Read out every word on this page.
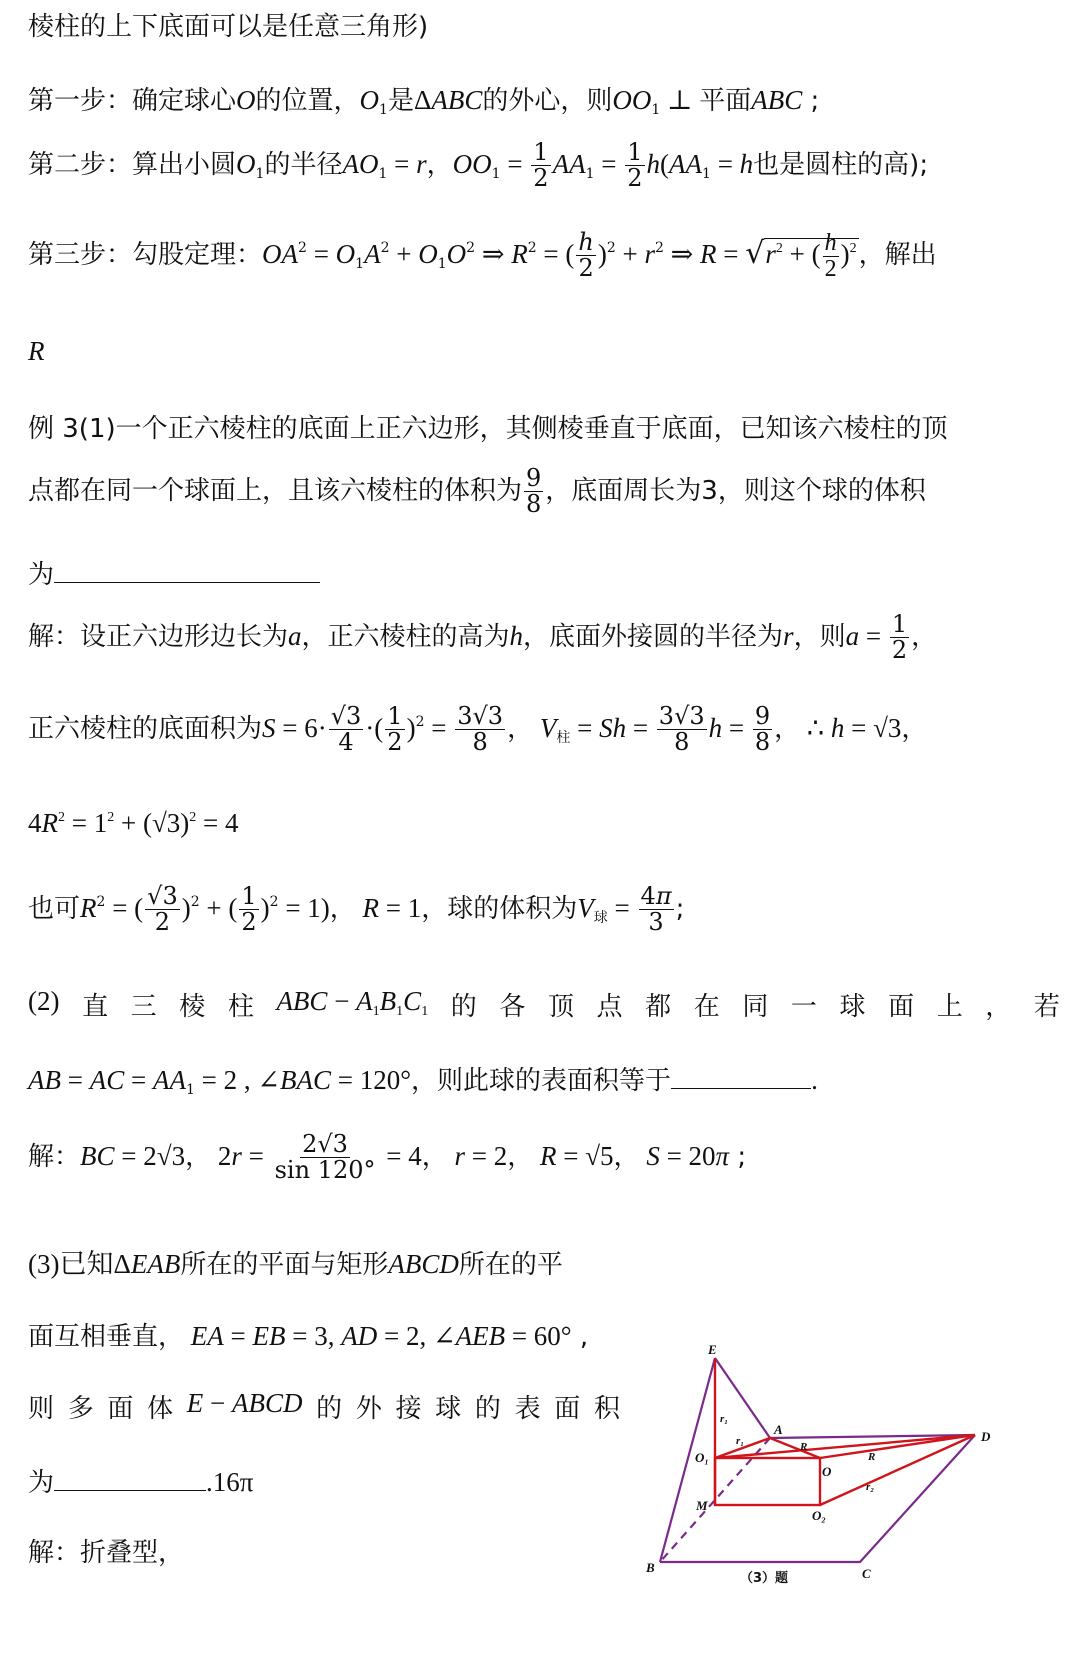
棱柱的上下底面可以是任意三角形)
第一步：确定球心O的位置，$O_1$是ΔABC的外心，则$OO_1$ ⊥ 平面ABC ;
第二步：算出小圆$O_1$的半径$AO_1 = r$，$OO_1 = \frac{1}{2} AA_1 = \frac{1}{2} h(AA_1 = h$也是圆柱的高);
第三步：勾股定理：$OA^2 = O_1A^2 + O_1O^2$ ⇒ $R^2$ = ( $\frac{h}{2} )^2 + r^2$ ⇒ $R = √r^2$ + ( $\frac{h}{2} )^2$，解出
R
例 3(1)一个正六棱柱的底面上正六边形，其侧棱垂直于底面，已知该六棱柱的顶
点都在同一个球面上，且该六棱柱的体积为 $\frac{9}{8}$ ，底面周长为3，则这个球的体积
为
解：设正六边形边长为a，正六棱柱的高为h，底面外接圆的半径为r，则$a = \frac{1}{2}$ ，
正六棱柱的底面积为$S = 6\cdot \frac{√3}{4}$ ·( $\frac{1}{2} )^2 = \frac{3√3}{8}$ ， $V_柱 = Sh = \frac{3√3}{8}$ $h = \frac{9}{8}$ ， ∴ h = √3，
$4R^2 = 1^2 + (√3)^2 = 4$
也可$R^2$ = ( $\frac{√3}{2} )^2$ + ( $\frac{1}{2} )^2 = 1$)， R = 1，球的体积为$V_球 = \frac{4\pi}{3}$ ;
(2) 直 三 棱 柱 ABC − $A_1B_1C_1$ 的 各 顶 点 都 在 同 一 球 面 上 ， 若
AB = AC = $AA_1 = 2$ , ∠BAC = 120°，则此球的表面积等于	.
解：BC = 2√3， $2r = \frac{2√3}{\sin 120^\circ} = 4$， r = 2， R = √5， S = 20π ;
(3)已知ΔEAB所在的平面与矩形ABCD所在的平
面互相垂直， EA = EB = 3, AD = 2, ∠AEB = 60° ,
则 多 面 体 E − ABCD 的 外 接 球 的 表 面 积
为	.16π
解：折叠型，
E
A	D
B	C
O₁
O
O₂
M
r₁
r₁	R
R
r₂
（3）题
